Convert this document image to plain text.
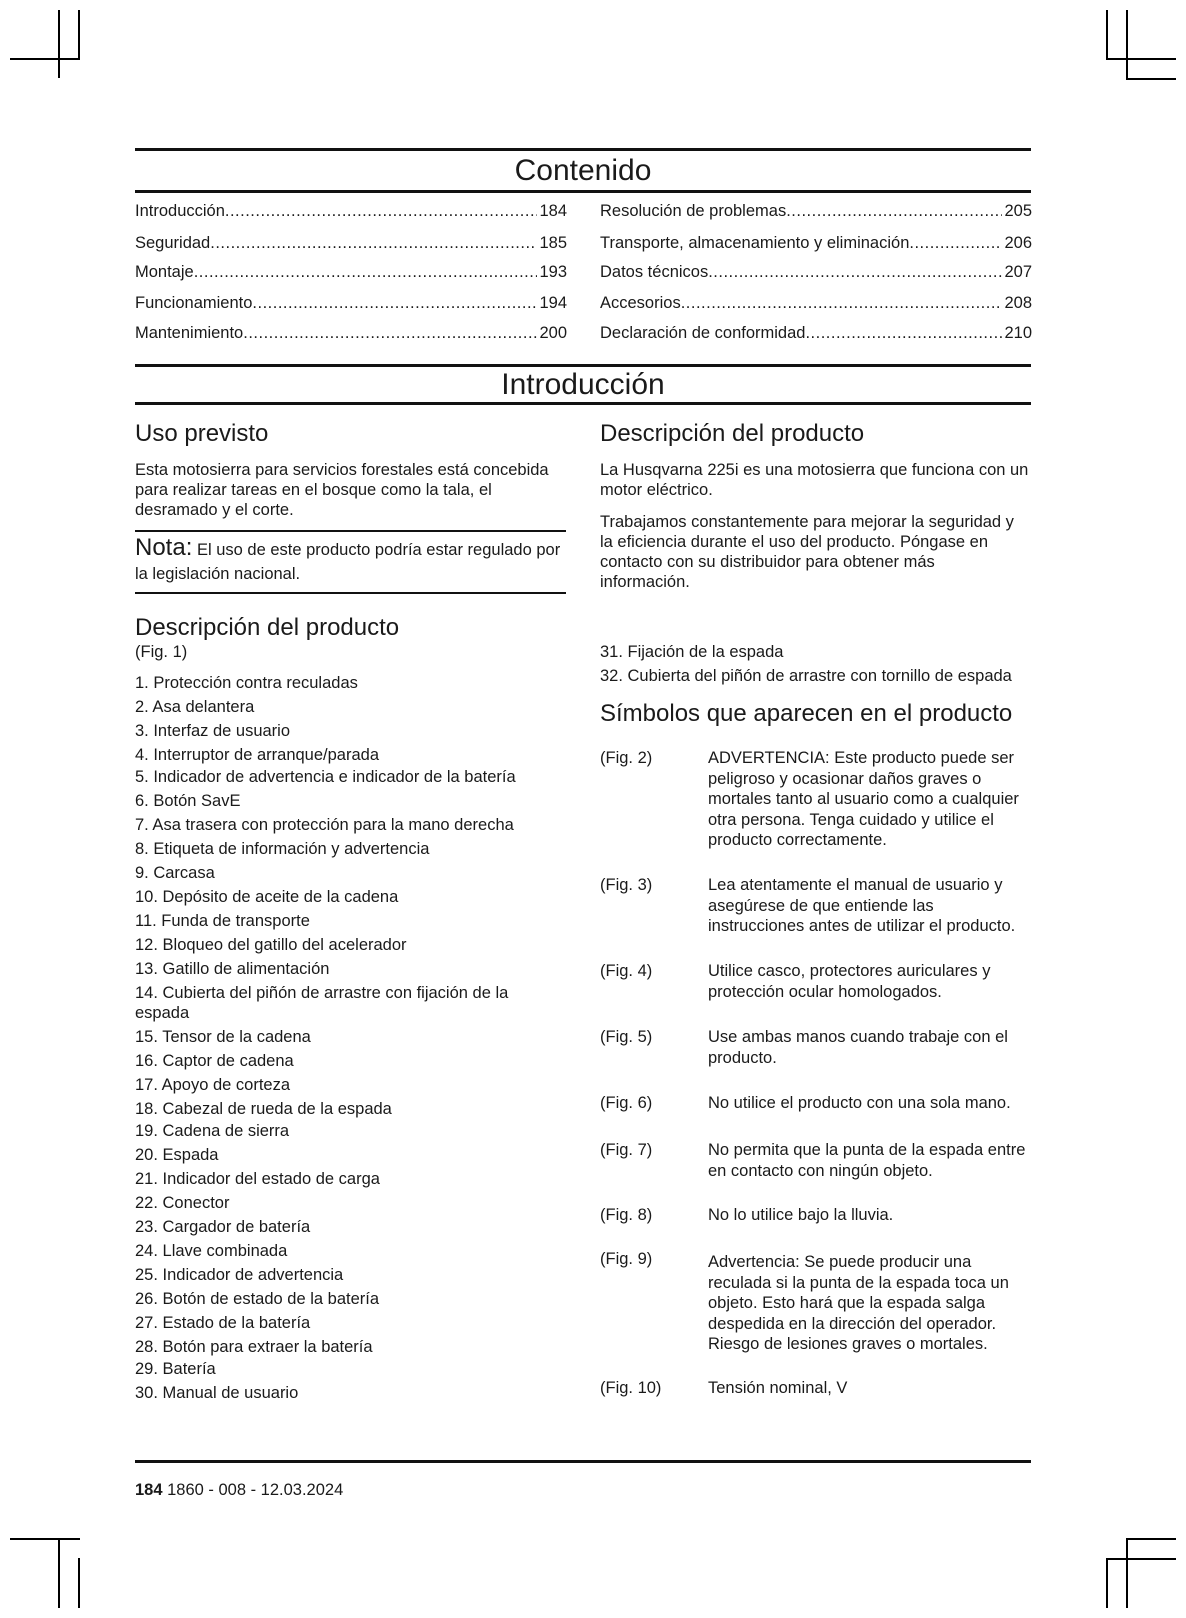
Contenido
Introducción .....	184
Seguridad .....	185
Montaje .....	193
Funcionamiento .....	194
Mantenimiento .....	200
Resolución de problemas .....	205
Transporte, almacenamiento y eliminación .....	206
Datos técnicos .....	207
Accesorios .....	208
Declaración de conformidad .....	210
Introducción
Uso previsto

Esta motosierra para servicios forestales está concebida para realizar tareas en el bosque como la tala, el desramado y el corte.

Nota: El uso de este producto podría estar regulado por la legislación nacional.

Descripción del producto
(Fig. 1)
1. Protección contra reculadas
2. Asa delantera
3. Interfaz de usuario
4. Interruptor de arranque/parada
5. Indicador de advertencia e indicador de la batería
6. Botón SavE
7. Asa trasera con protección para la mano derecha
8. Etiqueta de información y advertencia
9. Carcasa
10. Depósito de aceite de la cadena
11. Funda de transporte
12. Bloqueo del gatillo del acelerador
13. Gatillo de alimentación
14. Cubierta del piñón de arrastre con fijación de la espada
15. Tensor de la cadena
16. Captor de cadena
17. Apoyo de corteza
18. Cabezal de rueda de la espada
19. Cadena de sierra
20. Espada
21. Indicador del estado de carga
22. Conector
23. Cargador de batería
24. Llave combinada
25. Indicador de advertencia
26. Botón de estado de la batería
27. Estado de la batería
28. Botón para extraer la batería
29. Batería
30. Manual de usuario
Descripción del producto

La Husqvarna 225i es una motosierra que funciona con un motor eléctrico.

Trabajamos constantemente para mejorar la seguridad y la eficiencia durante el uso del producto. Póngase en contacto con su distribuidor para obtener más información.

31. Fijación de la espada
32. Cubierta del piñón de arrastre con tornillo de espada
Símbolos que aparecen en el producto
(Fig. 2)	ADVERTENCIA: Este producto puede ser peligroso y ocasionar daños graves o mortales tanto al usuario como a cualquier otra persona. Tenga cuidado y utilice el producto correctamente.
(Fig. 3)	Lea atentamente el manual de usuario y asegúrese de que entiende las instrucciones antes de utilizar el producto.
(Fig. 4)	Utilice casco, protectores auriculares y protección ocular homologados.
(Fig. 5)	Use ambas manos cuando trabaje con el producto.
(Fig. 6)	No utilice el producto con una sola mano.
(Fig. 7)	No permita que la punta de la espada entre en contacto con ningún objeto.
(Fig. 8)	No lo utilice bajo la lluvia.
(Fig. 9)	Advertencia: Se puede producir una reculada si la punta de la espada toca un objeto. Esto hará que la espada salga despedida en la dirección del operador. Riesgo de lesiones graves o mortales.
(Fig. 10)	Tensión nominal, V
184 1860 - 008 - 12.03.2024
